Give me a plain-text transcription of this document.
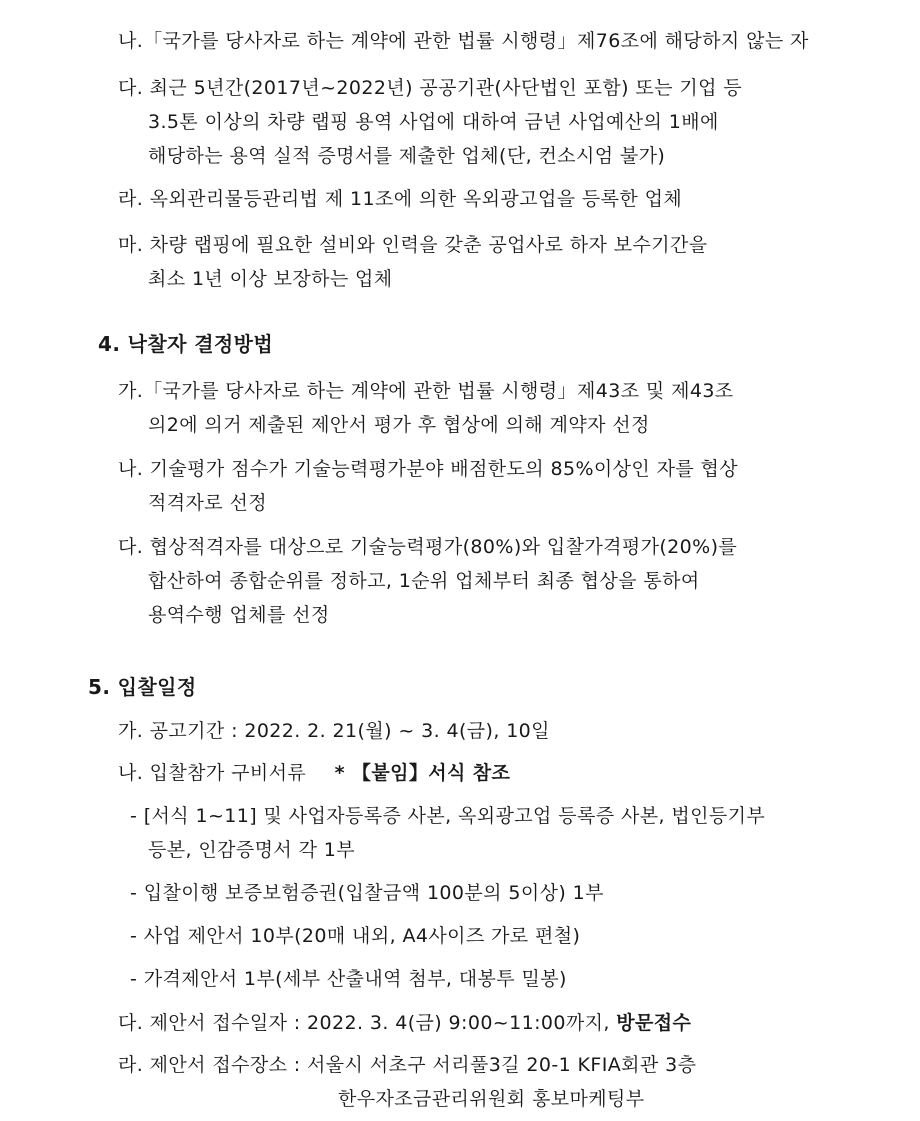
나.「국가를 당사자로 하는 계약에 관한 법률 시행령」제76조에 해당하지 않는 자
다. 최근 5년간(2017년~2022년) 공공기관(사단법인 포함) 또는 기업 등
3.5톤 이상의 차량 랩핑 용역 사업에 대하여 금년 사업예산의 1배에
해당하는 용역 실적 증명서를 제출한 업체(단, 컨소시엄 불가)
라. 옥외관리물등관리법 제 11조에 의한 옥외광고업을 등록한 업체
마. 차량 랩핑에 필요한 설비와 인력을 갖춘 공업사로 하자 보수기간을
최소 1년 이상 보장하는 업체
4. 낙찰자 결정방법
가.「국가를 당사자로 하는 계약에 관한 법률 시행령」제43조 및 제43조
의2에 의거 제출된 제안서 평가 후 협상에 의해 계약자 선정
나. 기술평가 점수가 기술능력평가분야 배점한도의 85%이상인 자를 협상
적격자로 선정
다. 협상적격자를 대상으로 기술능력평가(80%)와 입찰가격평가(20%)를
합산하여 종합순위를 정하고, 1순위 업체부터 최종 협상을 통하여
용역수행 업체를 선정
5. 입찰일정
가. 공고기간 : 2022. 2. 21(월) ~ 3. 4(금), 10일
나. 입찰참가 구비서류 * 【붙임】서식 참조
- [서식 1~11] 및 사업자등록증 사본, 옥외광고업 등록증 사본, 법인등기부
등본, 인감증명서 각 1부
- 입찰이행 보증보험증권(입찰금액 100분의 5이상) 1부
- 사업 제안서 10부(20매 내외, A4사이즈 가로 편철)
- 가격제안서 1부(세부 산출내역 첨부, 대봉투 밀봉)
다. 제안서 접수일자 : 2022. 3. 4(금) 9:00~11:00까지, 방문접수
라. 제안서 접수장소 : 서울시 서초구 서리풀3길 20-1 KFIA회관 3층
한우자조금관리위원회 홍보마케팅부
